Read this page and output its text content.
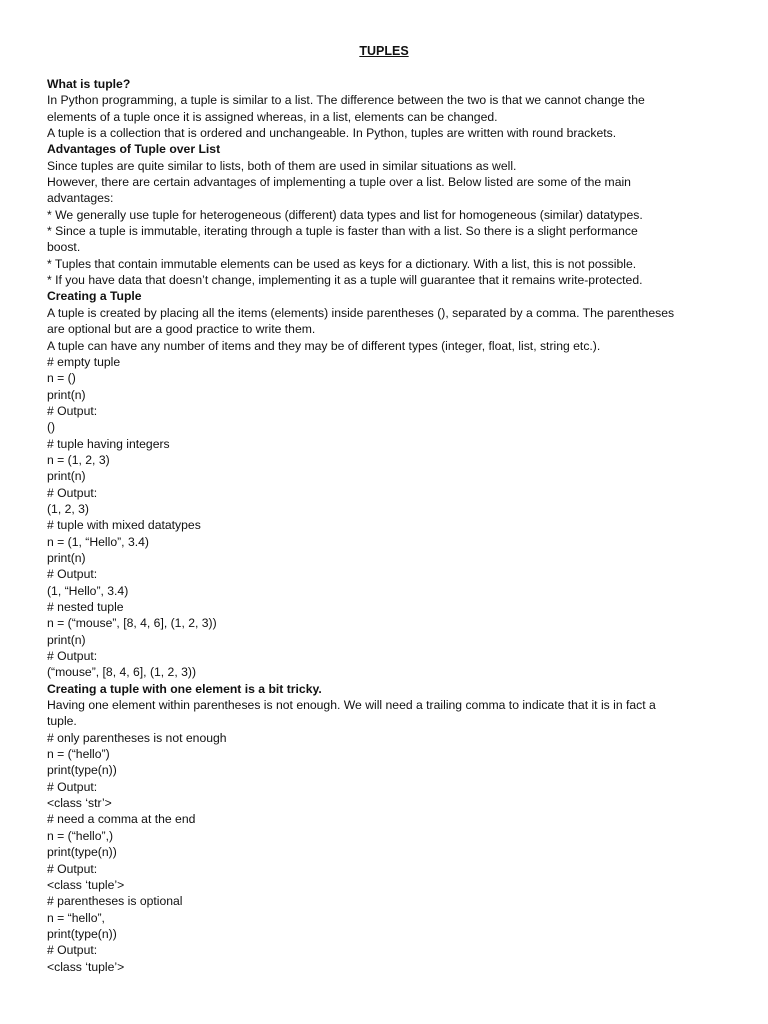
TUPLES
What is tuple?
In Python programming, a tuple is similar to a list. The difference between the two is that we cannot change the
elements of a tuple once it is assigned whereas, in a list, elements can be changed.
A tuple is a collection that is ordered and unchangeable. In Python, tuples are written with round brackets.
Advantages of Tuple over List
Since tuples are quite similar to lists, both of them are used in similar situations as well.
However, there are certain advantages of implementing a tuple over a list. Below listed are some of the main
advantages:
* We generally use tuple for heterogeneous (different) data types and list for homogeneous (similar) datatypes.
* Since a tuple is immutable, iterating through a tuple is faster than with a list. So there is a slight performance
boost.
* Tuples that contain immutable elements can be used as keys for a dictionary. With a list, this is not possible.
* If you have data that doesn’t change, implementing it as a tuple will guarantee that it remains write-protected.
Creating a Tuple
A tuple is created by placing all the items (elements) inside parentheses (), separated by a comma. The parentheses
are optional but are a good practice to write them.
A tuple can have any number of items and they may be of different types (integer, float, list, string etc.).
# empty tuple
n = ()
print(n)
# Output:
()
# tuple having integers
n = (1, 2, 3)
print(n)
# Output:
(1, 2, 3)
# tuple with mixed datatypes
n = (1, “Hello”, 3.4)
print(n)
# Output:
(1, “Hello”, 3.4)
# nested tuple
n = (“mouse”, [8, 4, 6], (1, 2, 3))
print(n)
# Output:
(“mouse”, [8, 4, 6], (1, 2, 3))
Creating a tuple with one element is a bit tricky.
Having one element within parentheses is not enough. We will need a trailing comma to indicate that it is in fact a
tuple.
# only parentheses is not enough
n = (“hello”)
print(type(n))
# Output:
<class ‘str’>
# need a comma at the end
n = (“hello”,)
print(type(n))
# Output:
<class ‘tuple’>
# parentheses is optional
n = “hello”,
print(type(n))
# Output:
<class ‘tuple’>
